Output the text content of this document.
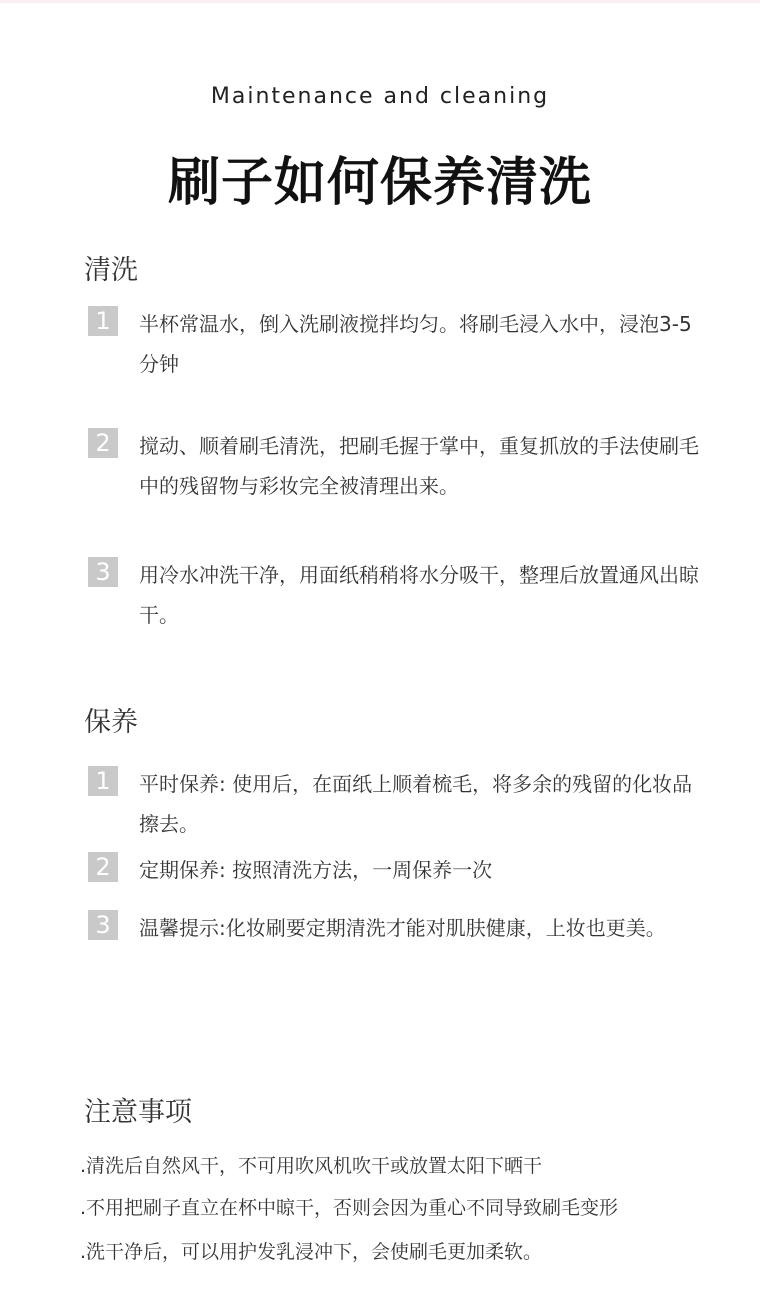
Maintenance and cleaning
刷子如何保养清洗
清洗
1	半杯常温水，倒入洗刷液搅拌均匀。将刷毛浸入水中，浸泡3-5分钟
2	搅动、顺着刷毛清洗，把刷毛握于掌中，重复抓放的手法使刷毛中的残留物与彩妆完全被清理出来。
3	用冷水冲洗干净，用面纸稍稍将水分吸干，整理后放置通风出晾干。
保养
1	平时保养: 使用后，在面纸上顺着梳毛，将多余的残留的化妆品擦去。
2	定期保养: 按照清洗方法，一周保养一次
3	温馨提示:化妆刷要定期清洗才能对肌肤健康，上妆也更美。
注意事项
.清洗后自然风干，不可用吹风机吹干或放置太阳下晒干
.不用把刷子直立在杯中晾干，否则会因为重心不同导致刷毛变形
.洗干净后，可以用护发乳浸冲下，会使刷毛更加柔软。
